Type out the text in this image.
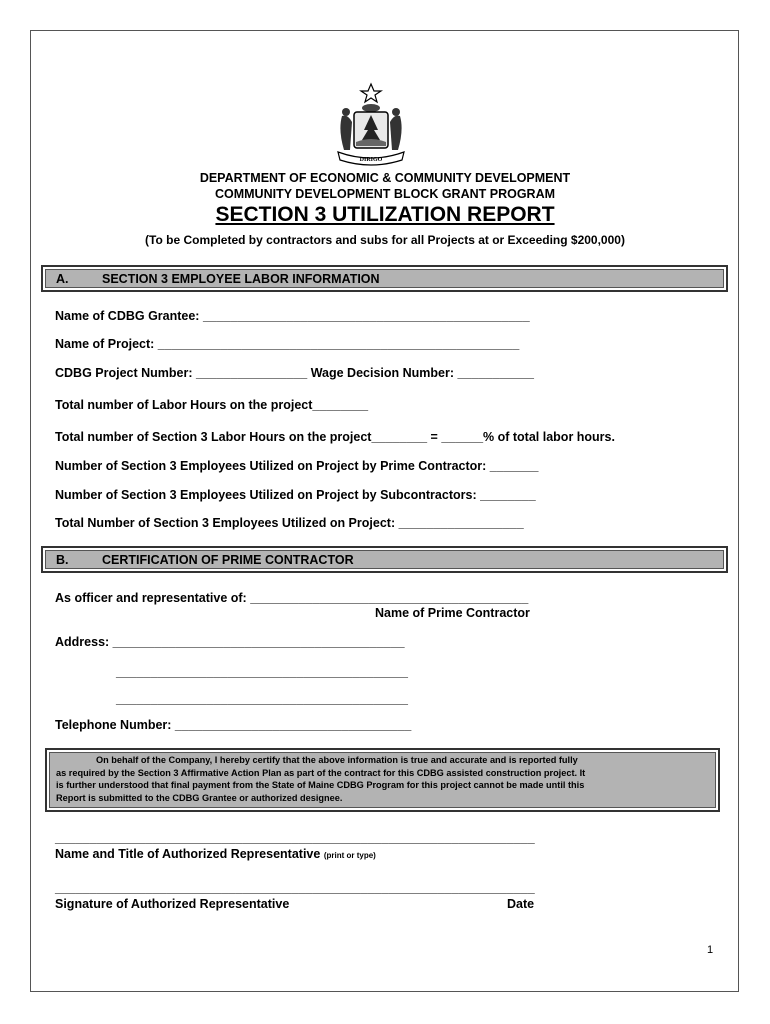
DIRIGO
DEPARTMENT OF ECONOMIC & COMMUNITY DEVELOPMENT
COMMUNITY DEVELOPMENT BLOCK GRANT PROGRAM
SECTION 3 UTILIZATION REPORT
(To be Completed by contractors and subs for all Projects at or Exceeding $200,000)
A.	SECTION 3 EMPLOYEE LABOR INFORMATION
Name of CDBG Grantee: _______________________________________________
Name of Project: ____________________________________________________
CDBG Project Number: ________________ Wage Decision Number: ___________
Total number of Labor Hours on the project________
Total number of Section 3 Labor Hours on the project________ = ______% of total labor hours.
Number of Section 3 Employees Utilized on Project by Prime Contractor: _______
Number of Section 3 Employees Utilized on Project by Subcontractors: ________
Total Number of Section 3 Employees Utilized on Project: __________________
B.	CERTIFICATION OF PRIME CONTRACTOR
As officer and representative of: ________________________________________
Name of Prime Contractor
Address: __________________________________________
__________________________________________
__________________________________________
Telephone Number: __________________________________
On behalf of the Company, I hereby certify that the above information is true and accurate and is reported fully
as required by the Section 3 Affirmative Action Plan as part of the contract for this CDBG assisted construction project. It
is further understood that final payment from the State of Maine CDBG Program for this project cannot be made until this
Report is submitted to the CDBG Grantee or authorized designee.
_____________________________________________________________________
Name and Title of Authorized Representative (print or type)
_____________________________________________________________________
Signature of Authorized Representative	Date
1
